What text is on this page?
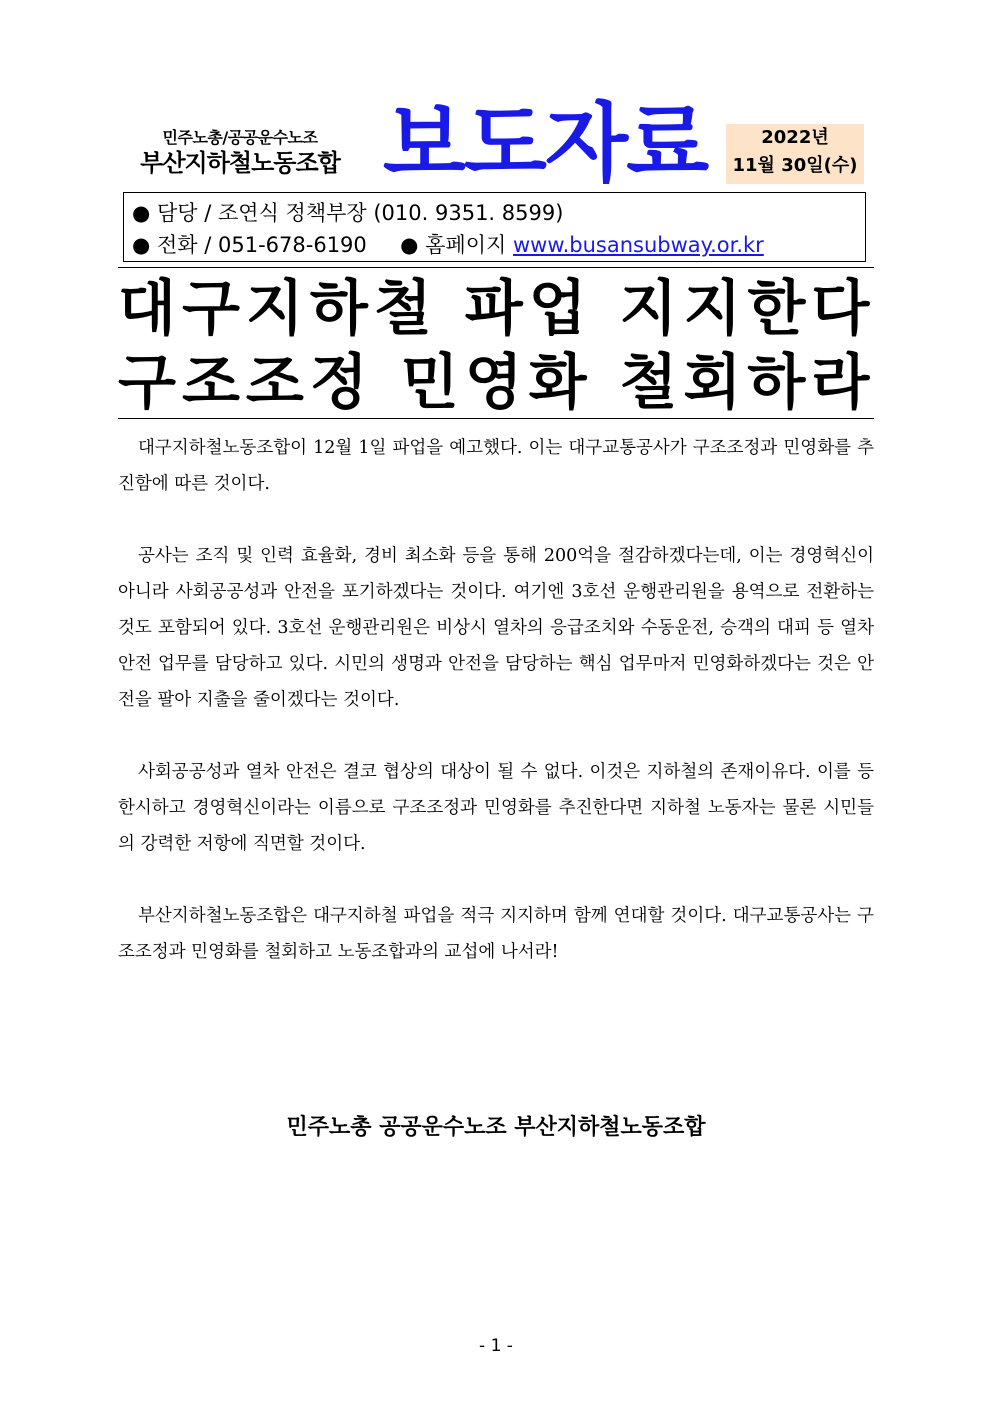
민주노총/공공운수노조
부산지하철노동조합 보도자료	2022년
11월 30일(수)
● 담당 / 조연식 정책부장 (010. 9351. 8599)
● 전화 / 051-678-6190 ● 홈페이지 www.busansubway.or.kr
대구지하철 파업 지지한다
구조조정 민영화 철회하라

대구지하철노동조합이 12월 1일 파업을 예고했다. 이는 대구교통공사가 구조조정과 민영화를 추진함에 따른 것이다.

공사는 조직 및 인력 효율화, 경비 최소화 등을 통해 200억을 절감하겠다는데, 이는 경영혁신이 아니라 사회공공성과 안전을 포기하겠다는 것이다. 여기엔 3호선 운행관리원을 용역으로 전환하는 것도 포함되어 있다. 3호선 운행관리원은 비상시 열차의 응급조치와 수동운전, 승객의 대피 등 열차 안전 업무를 담당하고 있다. 시민의 생명과 안전을 담당하는 핵심 업무마저 민영화하겠다는 것은 안전을 팔아 지출을 줄이겠다는 것이다.

사회공공성과 열차 안전은 결코 협상의 대상이 될 수 없다. 이것은 지하철의 존재이유다. 이를 등한시하고 경영혁신이라는 이름으로 구조조정과 민영화를 추진한다면 지하철 노동자는 물론 시민들의 강력한 저항에 직면할 것이다.

부산지하철노동조합은 대구지하철 파업을 적극 지지하며 함께 연대할 것이다. 대구교통공사는 구조조정과 민영화를 철회하고 노동조합과의 교섭에 나서라!

민주노총 공공운수노조 부산지하철노동조합
- 1 -
